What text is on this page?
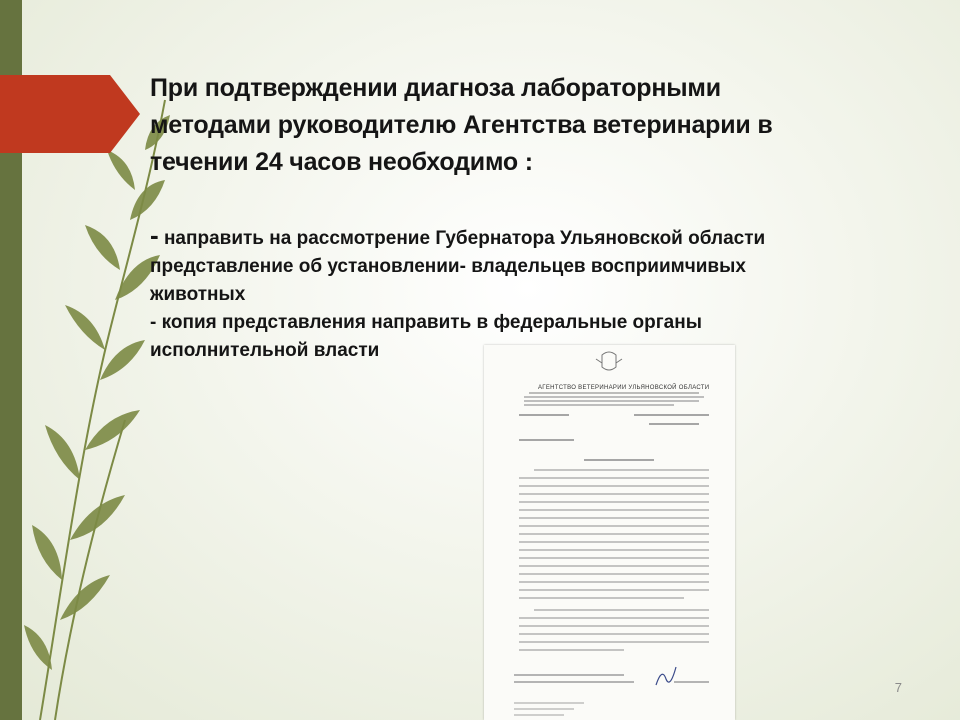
При подтверждении диагноза лабораторными
методами руководителю Агентства ветеринарии в
течении 24 часов необходимо :

- направить на рассмотрение Губернатора Ульяновской области

представление об установлении- владельцев восприимчивых

животных

- копия представления направить в федеральные органы

исполнительной власти

АГЕНТСТВО ВЕТЕРИНАРИИ УЛЬЯНОВСКОЙ ОБЛАСТИ
7
